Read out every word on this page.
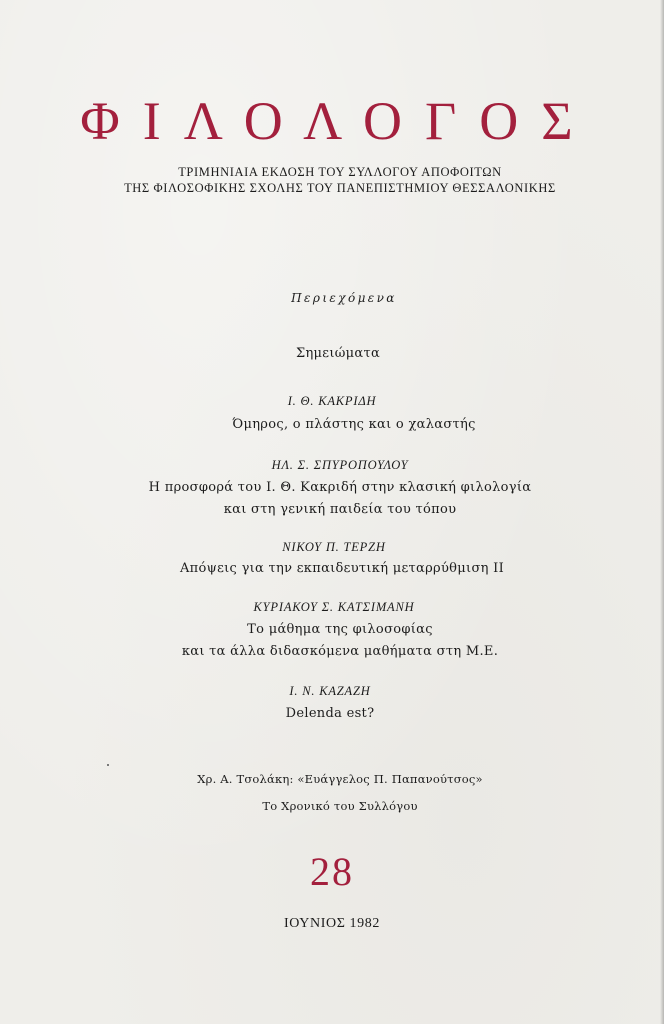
ΦΙΛΟΛΟΓΟΣ
ΤΡΙΜΗΝΙΑΙΑ ΕΚΔΟΣΗ ΤΟΥ ΣΥΛΛΟΓΟΥ ΑΠΟΦΟΙΤΩΝ
ΤΗΣ ΦΙΛΟΣΟΦΙΚΗΣ ΣΧΟΛΗΣ ΤΟΥ ΠΑΝΕΠΙΣΤΗΜΙΟΥ ΘΕΣΣΑΛΟΝΙΚΗΣ
Περιεχόμενα
Σημειώματα
Ι. Θ. ΚΑΚΡΙΔΗ
Όμηρος, ο πλάστης και ο χαλαστής
ΗΛ. Σ. ΣΠΥΡΟΠΟΥΛΟΥ
Η προσφορά του Ι. Θ. Κακριδή στην κλασική φιλολογία
και στη γενική παιδεία του τόπου
ΝΙΚΟΥ Π. ΤΕΡΖΗ
Απόψεις για την εκπαιδευτική μεταρρύθμιση ΙΙ
ΚΥΡΙΑΚΟΥ Σ. ΚΑΤΣΙΜΑΝΗ
Το μάθημα της φιλοσοφίας
και τα άλλα διδασκόμενα μαθήματα στη Μ.Ε.
Ι. Ν. ΚΑΖΑΖΗ
Delenda est?
Χρ. Α. Τσολάκη: «Ευάγγελος Π. Παπανούτσος»
Το Χρονικό του Συλλόγου
28
ΙΟΥΝΙΟΣ 1982
